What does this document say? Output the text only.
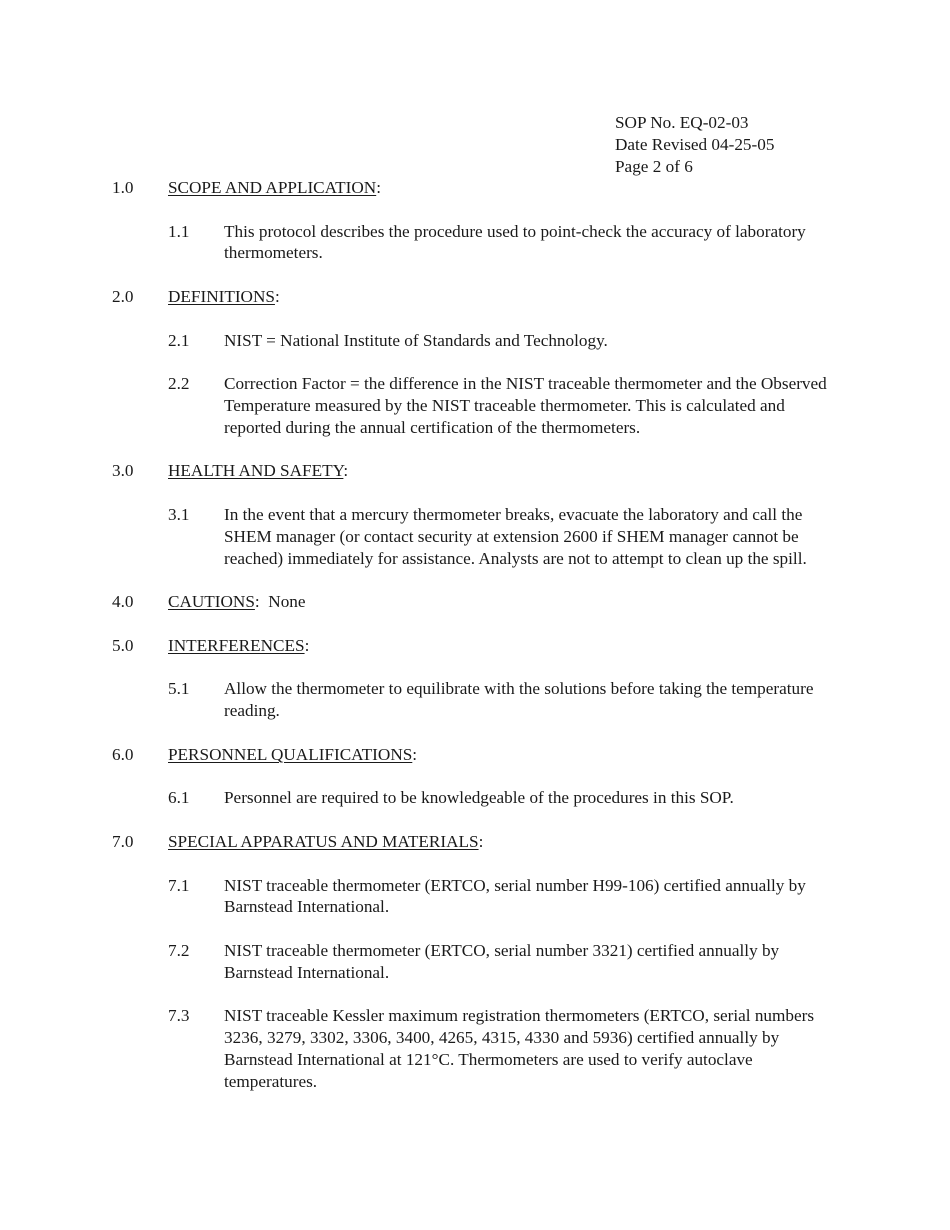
SOP No. EQ-02-03
Date Revised 04-25-05
Page 2 of 6
1.0	SCOPE AND APPLICATION:
1.1	This protocol describes the procedure used to point-check the accuracy of laboratory thermometers.
2.0	DEFINITIONS:
2.1	NIST = National Institute of Standards and Technology.
2.2	Correction Factor = the difference in the NIST traceable thermometer and the Observed Temperature measured by the NIST traceable thermometer. This is calculated and reported during the annual certification of the thermometers.
3.0	HEALTH AND SAFETY:
3.1	In the event that a mercury thermometer breaks, evacuate the laboratory and call the SHEM manager (or contact security at extension 2600 if SHEM manager cannot be reached) immediately for assistance. Analysts are not to attempt to clean up the spill.
4.0	CAUTIONS:  None
5.0	INTERFERENCES:
5.1	Allow the thermometer to equilibrate with the solutions before taking the temperature reading.
6.0	PERSONNEL QUALIFICATIONS:
6.1	Personnel are required to be knowledgeable of the procedures in this SOP.
7.0	SPECIAL APPARATUS AND MATERIALS:
7.1	NIST traceable thermometer (ERTCO, serial number H99-106) certified annually by Barnstead International.
7.2	NIST traceable thermometer (ERTCO, serial number 3321) certified annually by Barnstead International.
7.3	NIST traceable Kessler maximum registration thermometers (ERTCO, serial numbers 3236, 3279, 3302, 3306, 3400, 4265, 4315, 4330 and 5936) certified annually by Barnstead International at 121°C. Thermometers are used to verify autoclave temperatures.
